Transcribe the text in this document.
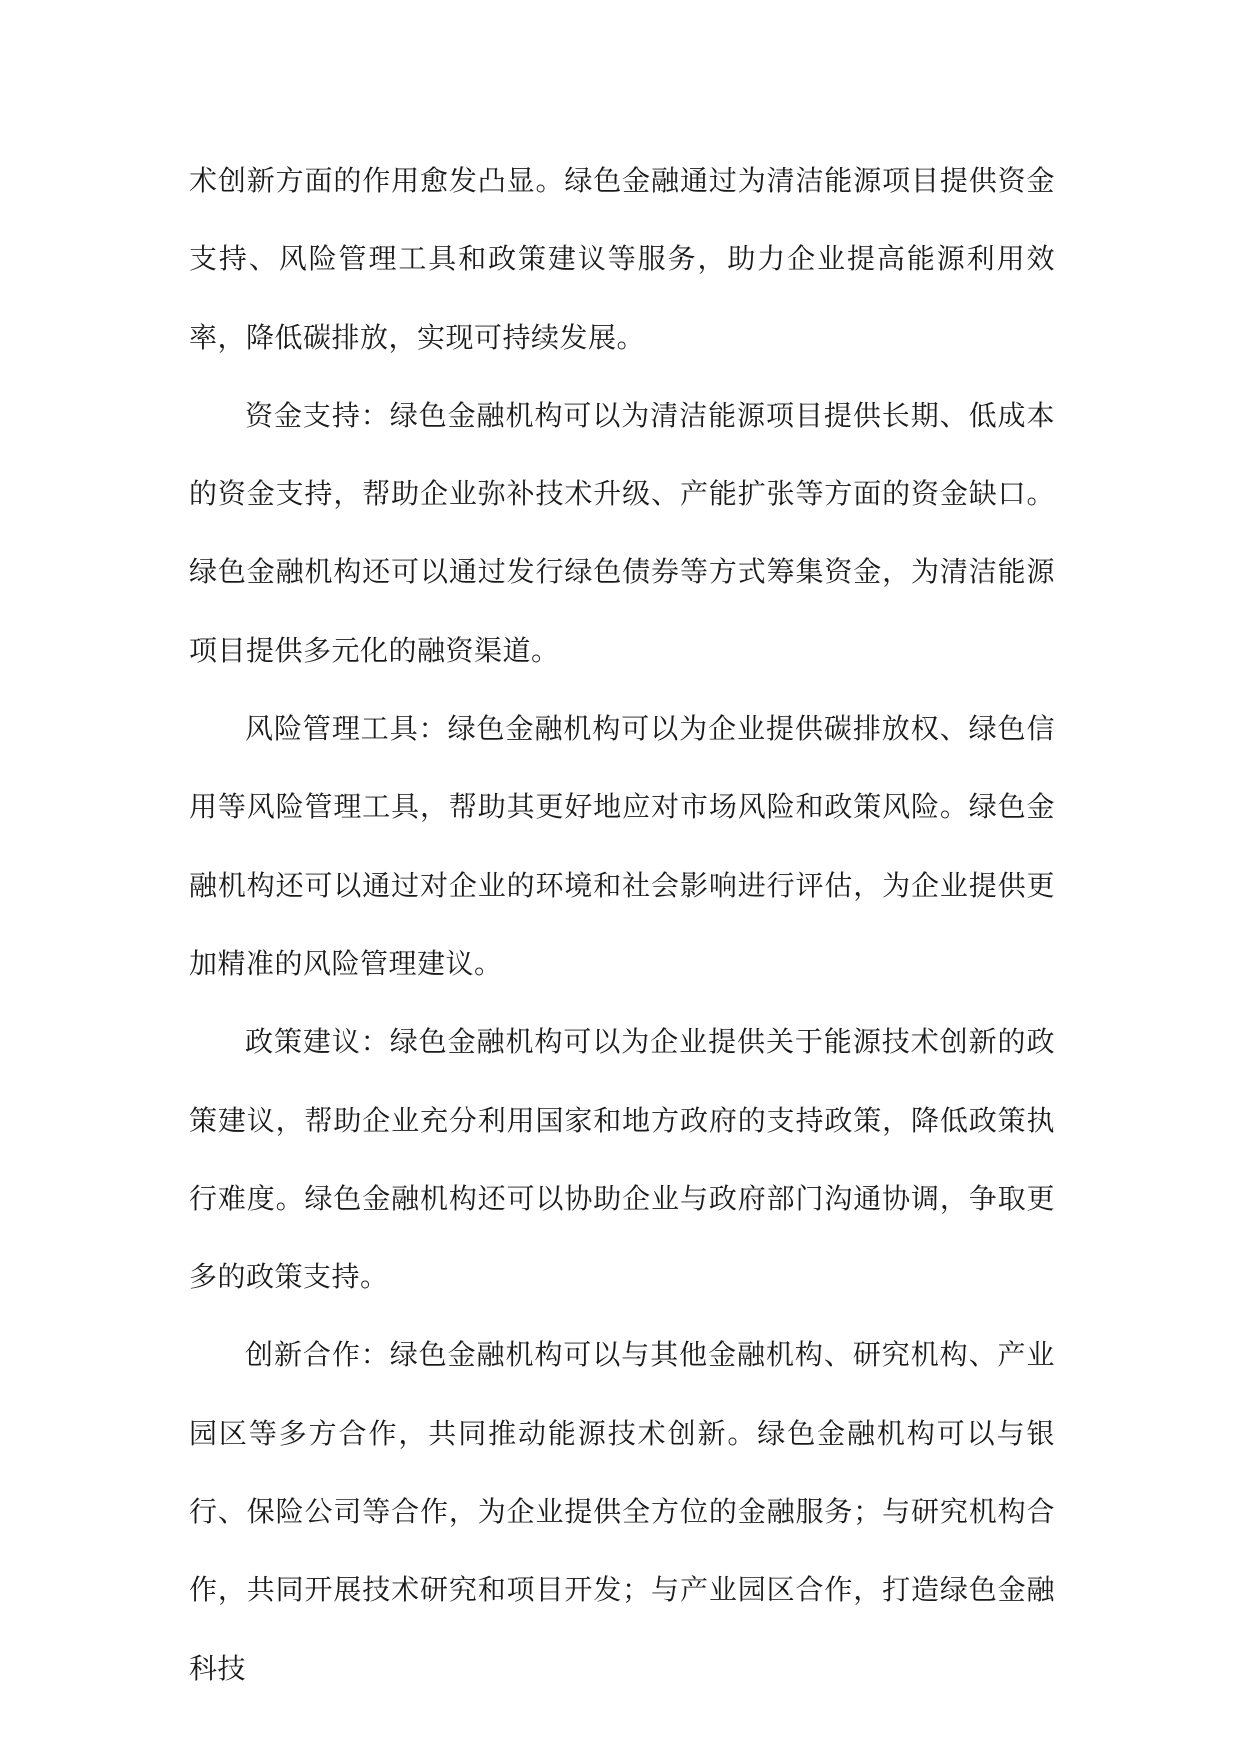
术创新方面的作用愈发凸显。绿色金融通过为清洁能源项目提供资金支持、风险管理工具和政策建议等服务，助力企业提高能源利用效率，降低碳排放，实现可持续发展。

资金支持：绿色金融机构可以为清洁能源项目提供长期、低成本的资金支持，帮助企业弥补技术升级、产能扩张等方面的资金缺口。绿色金融机构还可以通过发行绿色债券等方式筹集资金，为清洁能源项目提供多元化的融资渠道。

风险管理工具：绿色金融机构可以为企业提供碳排放权、绿色信用等风险管理工具，帮助其更好地应对市场风险和政策风险。绿色金融机构还可以通过对企业的环境和社会影响进行评估，为企业提供更加精准的风险管理建议。

政策建议：绿色金融机构可以为企业提供关于能源技术创新的政策建议，帮助企业充分利用国家和地方政府的支持政策，降低政策执行难度。绿色金融机构还可以协助企业与政府部门沟通协调，争取更多的政策支持。

创新合作：绿色金融机构可以与其他金融机构、研究机构、产业园区等多方合作，共同推动能源技术创新。绿色金融机构可以与银行、保险公司等合作，为企业提供全方位的金融服务；与研究机构合作，共同开展技术研究和项目开发；与产业园区合作，打造绿色金融科技
